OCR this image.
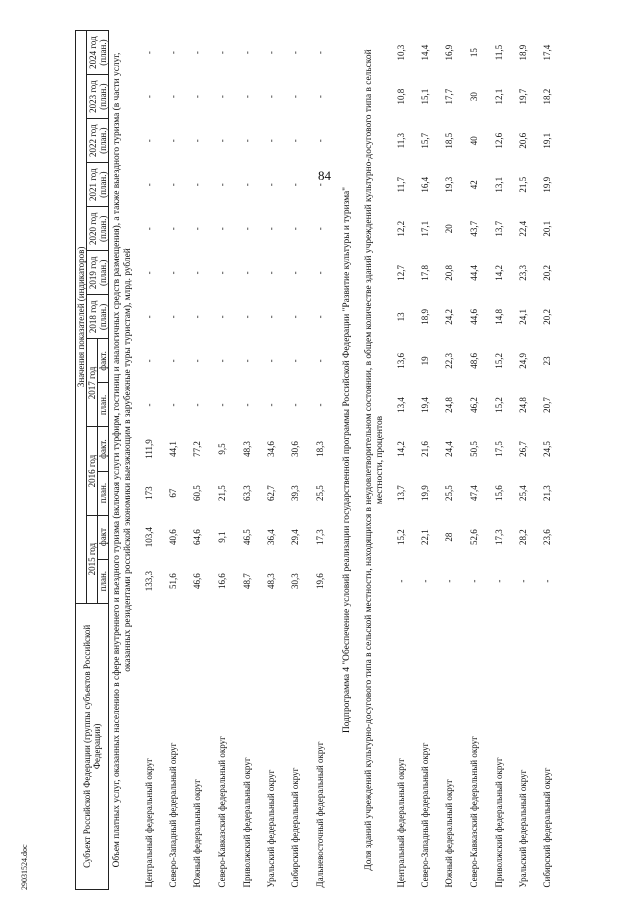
84
29031524.doc	Субъект Российской Федерации (группы субъектов Российской Федерации)	Значения показателей (индикаторов)												
	2015 год		2016 год		2017 год		2018 год (план.)	2019 год (план.)	2020 год (план.)	2021 год (план.)	2022 год (план.)	2023 год (план.)	2024 год (план.)
	план.	факт	план.	факт.	план.	факт.							
Объем платных услуг, оказанных населению в сфере внутреннего и въездного туризма (включая услуги турфирм, гостиниц и аналогичных средств размещения), а также выездного туризма (в части услуг, оказанных резидентами российской экономики выезжающим в зарубежные туры туристам), млрд. рублей													
Центральный федеральный округ	133,3	103,4	173	111,9	-	-	-	-	-	-	-	-	-
Северо-Западный федеральный округ	51,6	40,6	67	44,1	-	-	-	-	-	-	-	-	-
Южный федеральный округ	46,6	64,6	60,5	77,2	-	-	-	-	-	-	-	-	-
Северо-Кавказский федеральный округ	16,6	9,1	21,5	9,5	-	-	-	-	-	-	-	-	-
Приволжский федеральный округ	48,7	46,5	63,3	48,3	-	-	-	-	-	-	-	-	-
Уральский федеральный округ	48,3	36,4	62,7	34,6	-	-	-	-	-	-	-	-	-
Сибирский федеральный округ	30,3	29,4	39,3	30,6	-	-	-	-	-	-	-	-	-
Дальневосточный федеральный округ	19,6	17,3	25,5	18,3	-	-	-	-	-	-	-	-	-
Подпрограмма 4 "Обеспечение условий реализации государственной программы Российской Федерации "Развитие культуры и туризма"													
Доля зданий учреждений культурно-досугового типа в сельской местности, находящихся в неудовлетворительном состоянии, в общем количестве зданий учреждений культурно-досугового типа в сельской местности, процентов													
Центральный федеральный округ	-	15,2	13,7	14,2	13,4	13,6	13	12,7	12,2	11,7	11,3	10,8	10,3
Северо-Западный федеральный округ	-	22,1	19,9	21,6	19,4	19	18,9	17,8	17,1	16,4	15,7	15,1	14,4
Южный федеральный округ	-	28	25,5	24,4	24,8	22,3	24,2	20,8	20	19,3	18,5	17,7	16,9
Северо-Кавказский федеральный округ	-	52,6	47,4	50,5	46,2	48,6	44,6	44,4	43,7	42	40	30	15
Приволжский федеральный округ	-	17,3	15,6	17,5	15,2	15,2	14,8	14,2	13,7	13,1	12,6	12,1	11,5
Уральский федеральный округ	-	28,2	25,4	26,7	24,8	24,9	24,1	23,3	22,4	21,5	20,6	19,7	18,9
Сибирский федеральный округ	-	23,6	21,3	24,5	20,7	23	20,2	20,2	20,1	19,9	19,1	18,2	17,4
